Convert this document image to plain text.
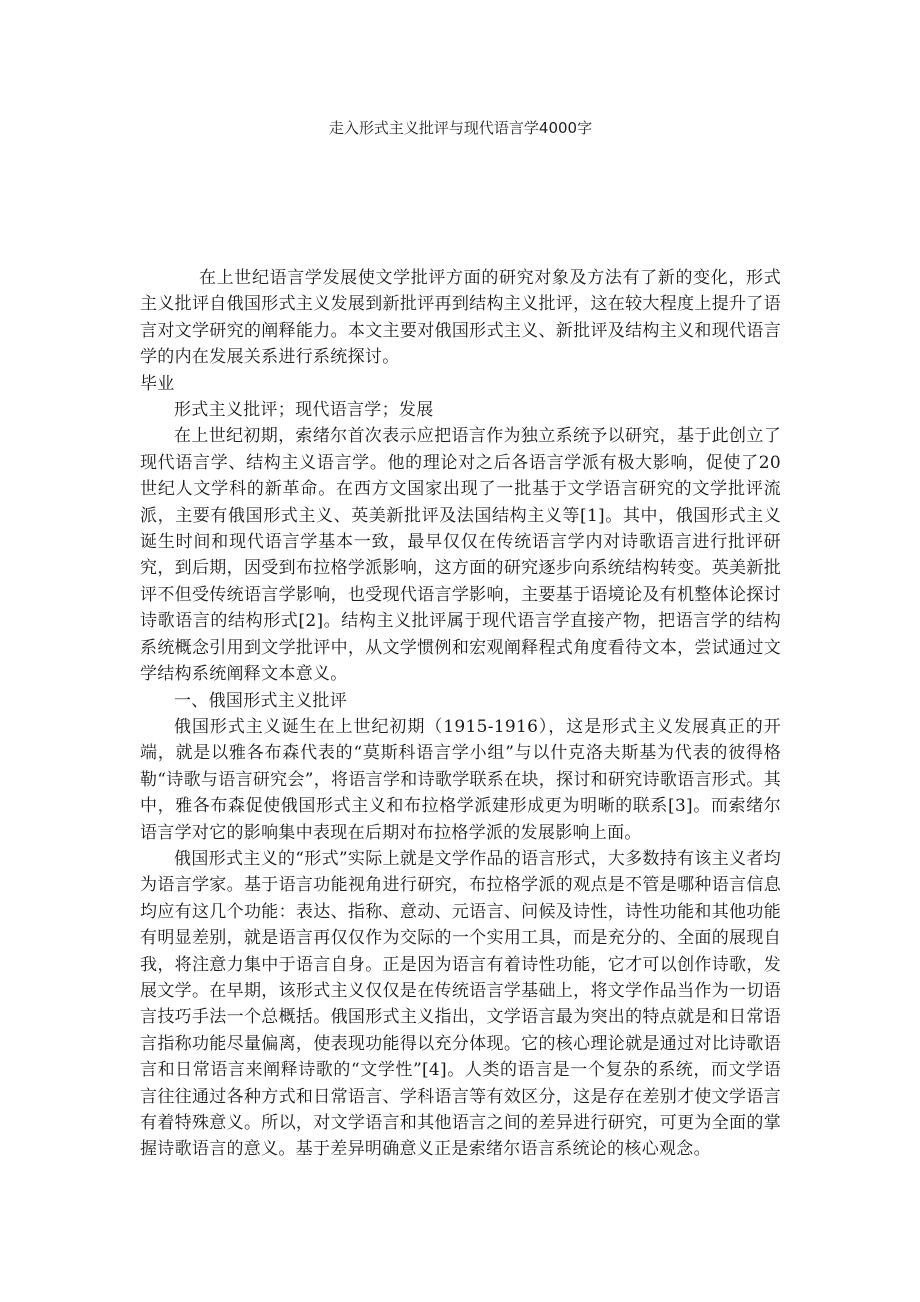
走入形式主义批评与现代语言学4000字

在上世纪语言学发展使文学批评方面的研究对象及方法有了新的变化，形式主义批评自俄国形式主义发展到新批评再到结构主义批评，这在较大程度上提升了语言对文学研究的阐释能力。本文主要对俄国形式主义、新批评及结构主义和现代语言学的内在发展关系进行系统探讨。

毕业

形式主义批评；现代语言学；发展

在上世纪初期，索绪尔首次表示应把语言作为独立系统予以研究，基于此创立了现代语言学、结构主义语言学。他的理论对之后各语言学派有极大影响，促使了20世纪人文学科的新革命。在西方文国家出现了一批基于文学语言研究的文学批评流派，主要有俄国形式主义、英美新批评及法国结构主义等[1]。其中，俄国形式主义诞生时间和现代语言学基本一致，最早仅仅在传统语言学内对诗歌语言进行批评研究，到后期，因受到布拉格学派影响，这方面的研究逐步向系统结构转变。英美新批评不但受传统语言学影响，也受现代语言学影响，主要基于语境论及有机整体论探讨诗歌语言的结构形式[2]。结构主义批评属于现代语言学直接产物，把语言学的结构系统概念引用到文学批评中，从文学惯例和宏观阐释程式角度看待文本，尝试通过文学结构系统阐释文本意义。

一、俄国形式主义批评

俄国形式主义诞生在上世纪初期（1915-1916），这是形式主义发展真正的开端，就是以雅各布森代表的“莫斯科语言学小组”与以什克洛夫斯基为代表的彼得格勒“诗歌与语言研究会”，将语言学和诗歌学联系在块，探讨和研究诗歌语言形式。其中，雅各布森促使俄国形式主义和布拉格学派建形成更为明晰的联系[3]。而索绪尔语言学对它的影响集中表现在后期对布拉格学派的发展影响上面。

俄国形式主义的“形式”实际上就是文学作品的语言形式，大多数持有该主义者均为语言学家。基于语言功能视角进行研究，布拉格学派的观点是不管是哪种语言信息均应有这几个功能：表达、指称、意动、元语言、问候及诗性，诗性功能和其他功能有明显差别，就是语言再仅仅作为交际的一个实用工具，而是充分的、全面的展现自我，将注意力集中于语言自身。正是因为语言有着诗性功能，它才可以创作诗歌，发展文学。在早期，该形式主义仅仅是在传统语言学基础上，将文学作品当作为一切语言技巧手法一个总概括。俄国形式主义指出，文学语言最为突出的特点就是和日常语言指称功能尽量偏离，使表现功能得以充分体现。它的核心理论就是通过对比诗歌语言和日常语言来阐释诗歌的“文学性”[4]。人类的语言是一个复杂的系统，而文学语言往往通过各种方式和日常语言、学科语言等有效区分，这是存在差别才使文学语言有着特殊意义。所以，对文学语言和其他语言之间的差异进行研究，可更为全面的掌握诗歌语言的意义。基于差异明确意义正是索绪尔语言系统论的核心观念。
